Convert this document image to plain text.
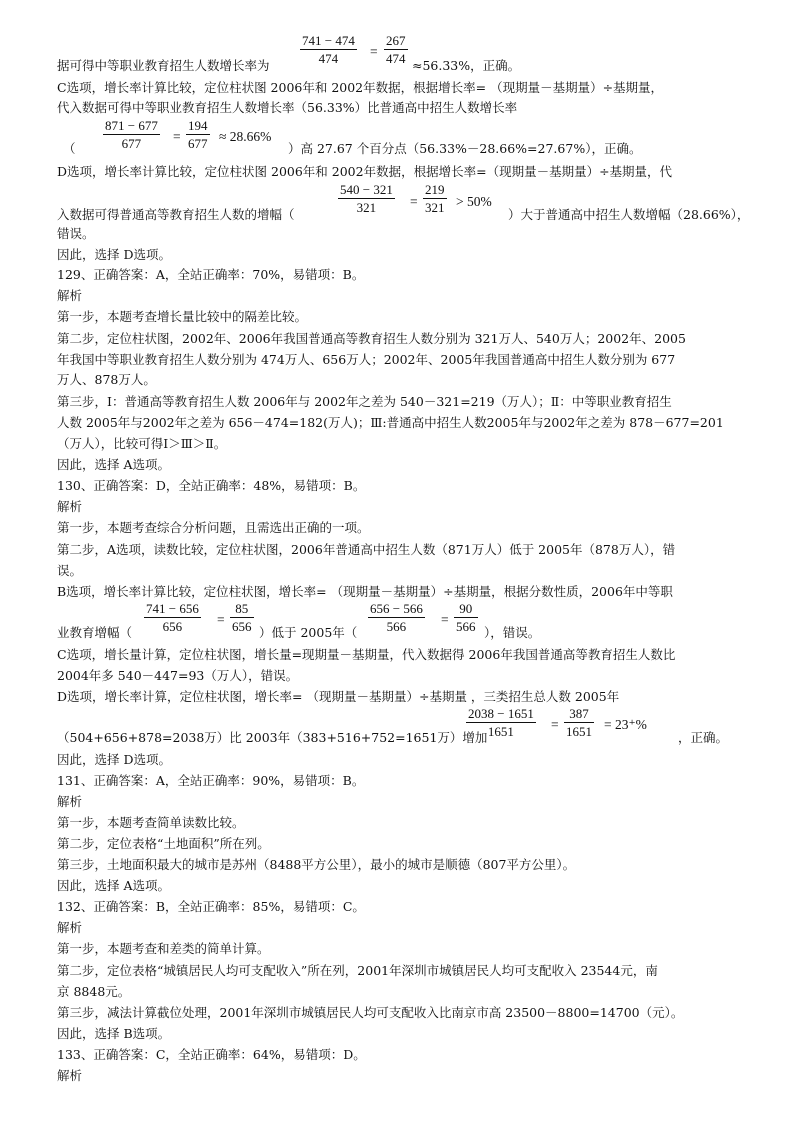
据可得中等职业教育招生人数增长率为
741 − 474
474	=
267
474 ≈56.33%，正确。
C选项，增长率计算比较，定位柱状图 2006年和 2002年数据，根据增长率= （现期量－基期量）÷基期量，
代入数据可得中等职业教育招生人数增长率（56.33%）比普通高中招生人数增长率
（
871 − 677
677	=
194
677 ≈ 28.66%
）高 27.67 个百分点（56.33%－28.66%=27.67%），正确。
D选项，增长率计算比较，定位柱状图 2006年和 2002年数据，根据增长率=（现期量－基期量）÷基期量，代
入数据可得普通高等教育招生人数的增幅（
540 − 321
321	=
219
321 > 50%
）大于普通高中招生人数增幅（28.66%），
错误。
因此，选择 D选项。
129、正确答案：A，全站正确率：70%，易错项：B。
解析
第一步，本题考查增长量比较中的隔差比较。
第二步，定位柱状图，2002年、2006年我国普通高等教育招生人数分别为 321万人、540万人；2002年、2005
年我国中等职业教育招生人数分别为 474万人、656万人；2002年、2005年我国普通高中招生人数分别为 677
万人、878万人。
第三步，Ⅰ：普通高等教育招生人数 2006年与 2002年之差为 540－321=219（万人）；Ⅱ：中等职业教育招生
人数 2005年与2002年之差为 656－474=182(万人)；Ⅲ:普通高中招生人数2005年与2002年之差为 878－677=201
（万人），比较可得Ⅰ＞Ⅲ＞Ⅱ。
因此，选择 A选项。
130、正确答案：D，全站正确率：48%，易错项：B。
解析
第一步，本题考查综合分析问题，且需选出正确的一项。
第二步，A选项，读数比较，定位柱状图，2006年普通高中招生人数（871万人）低于 2005年（878万人），错
误。
B选项，增长率计算比较，定位柱状图，增长率= （现期量－基期量）÷基期量，根据分数性质，2006年中等职
业教育增幅（
741 − 656
656	=
85
656 ）低于 2005年（
656 − 566
566	=
90
566 ），错误。
C选项，增长量计算，定位柱状图，增长量=现期量－基期量，代入数据得 2006年我国普通高等教育招生人数比
2004年多 540－447=93（万人），错误。
D选项，增长率计算，定位柱状图，增长率= （现期量－基期量）÷基期量 ，三类招生总人数 2005年
（504+656+878=2038万）比 2003年（383+516+752=1651万）增加
2038 − 1651
1651	=
387
1651 = 23⁺%
，正确。
因此，选择 D选项。
131、正确答案：A，全站正确率：90%，易错项：B。
解析
第一步，本题考查简单读数比较。
第二步，定位表格“土地面积”所在列。
第三步，土地面积最大的城市是苏州（8488平方公里），最小的城市是顺德（807平方公里）。
因此，选择 A选项。
132、正确答案：B，全站正确率：85%，易错项：C。
解析
第一步，本题考查和差类的简单计算。
第二步，定位表格“城镇居民人均可支配收入”所在列，2001年深圳市城镇居民人均可支配收入 23544元，南
京 8848元。
第三步，减法计算截位处理，2001年深圳市城镇居民人均可支配收入比南京市高 23500－8800=14700（元）。
因此，选择 B选项。
133、正确答案：C，全站正确率：64%，易错项：D。
解析
